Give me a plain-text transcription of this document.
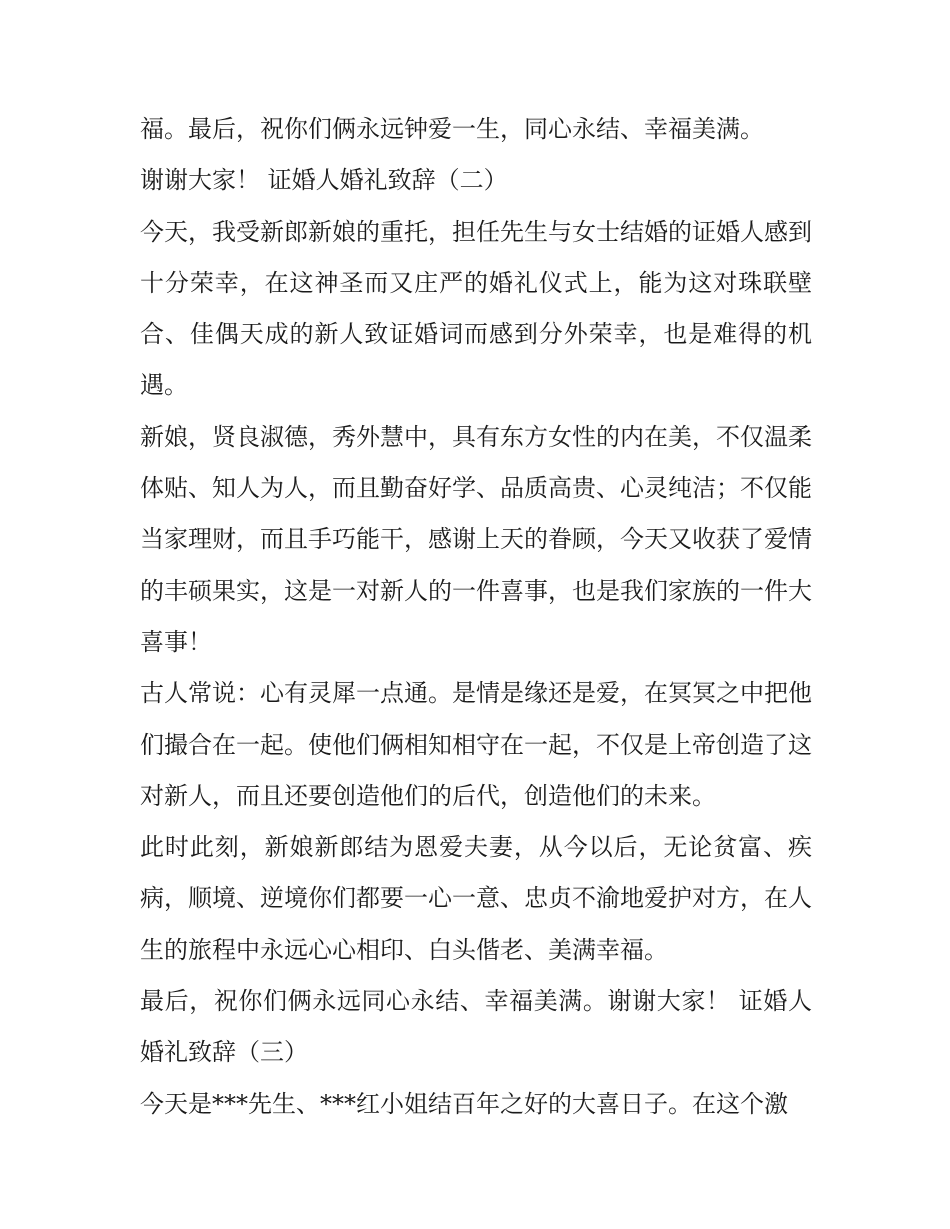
福。最后，祝你们俩永远钟爱一生，同心永结、幸福美满。

谢谢大家！ 证婚人婚礼致辞（二）

今天，我受新郎新娘的重托，担任先生与女士结婚的证婚人感到十分荣幸，在这神圣而又庄严的婚礼仪式上，能为这对珠联壁合、佳偶天成的新人致证婚词而感到分外荣幸，也是难得的机遇。

新娘，贤良淑德，秀外慧中，具有东方女性的内在美，不仅温柔体贴、知人为人，而且勤奋好学、品质高贵、心灵纯洁；不仅能当家理财，而且手巧能干，感谢上天的眷顾，今天又收获了爱情的丰硕果实，这是一对新人的一件喜事，也是我们家族的一件大喜事！

古人常说：心有灵犀一点通。是情是缘还是爱，在冥冥之中把他们撮合在一起。使他们俩相知相守在一起，不仅是上帝创造了这对新人，而且还要创造他们的后代，创造他们的未来。

此时此刻，新娘新郎结为恩爱夫妻，从今以后，无论贫富、疾病，顺境、逆境你们都要一心一意、忠贞不渝地爱护对方，在人生的旅程中永远心心相印、白头偕老、美满幸福。

最后，祝你们俩永远同心永结、幸福美满。谢谢大家！ 证婚人婚礼致辞（三）

今天是***先生、***红小姐结百年之好的大喜日子。在这个激
